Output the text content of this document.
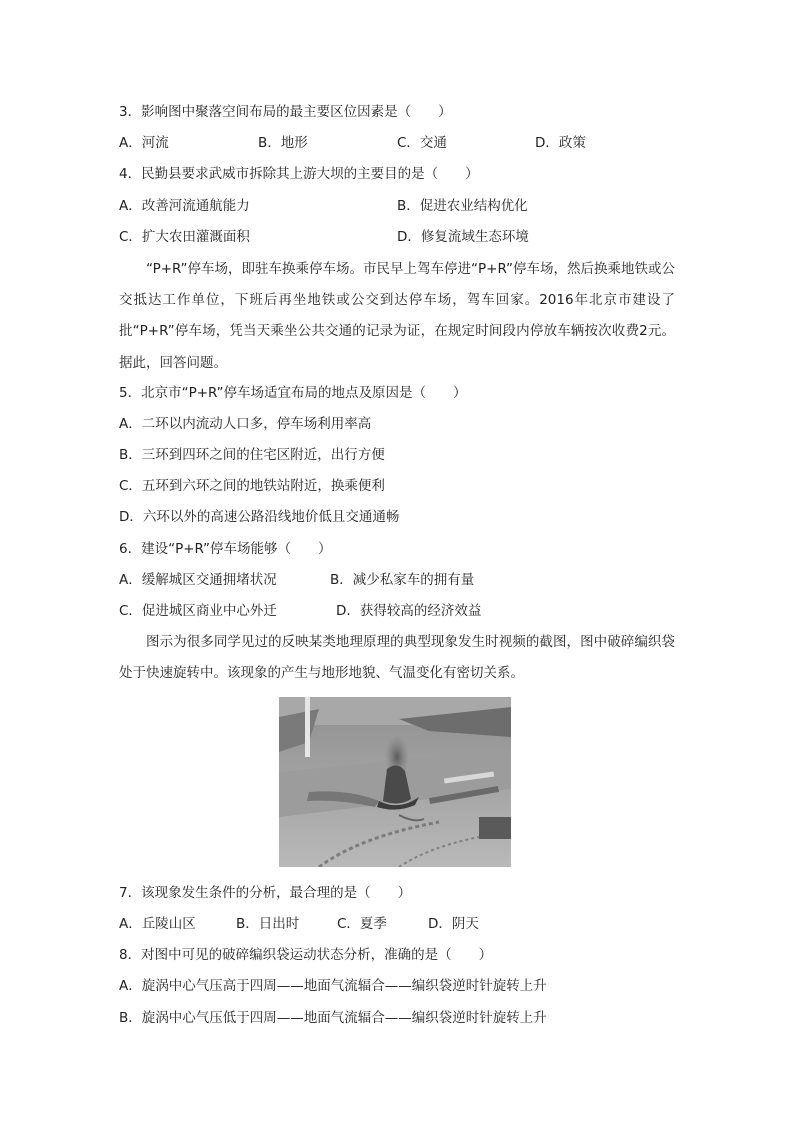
3．影响图中聚落空间布局的最主要区位因素是（　　）
A．河流	B．地形	C．交通	D．政策
4．民勤县要求武威市拆除其上游大坝的主要目的是（　　）
A．改善河流通航能力	B．促进农业结构优化
C．扩大农田灌溉面积	D．修复流域生态环境
“P+R”停车场，即驻车换乘停车场。市民早上驾车停进“P+R”停车场，然后换乘地铁或公交抵达工作单位，下班后再坐地铁或公交到达停车场，驾车回家。2016年北京市建设了批“P+R”停车场，凭当天乘坐公共交通的记录为证，在规定时间段内停放车辆按次收费2元。据此，回答问题。
5．北京市“P+R”停车场适宜布局的地点及原因是（　　）
A．二环以内流动人口多，停车场利用率高
B．三环到四环之间的住宅区附近，出行方便
C．五环到六环之间的地铁站附近，换乘便利
D．六环以外的高速公路沿线地价低且交通通畅
6．建设“P+R”停车场能够（　　）
A．缓解城区交通拥堵状况	B．减少私家车的拥有量
C．促进城区商业中心外迁	D．获得较高的经济效益
图示为很多同学见过的反映某类地理原理的典型现象发生时视频的截图，图中破碎编织袋处于快速旋转中。该现象的产生与地形地貌、气温变化有密切关系。
7．该现象发生条件的分析，最合理的是（　　）
A．丘陵山区	B．日出时	C．夏季	D．阴天
8．对图中可见的破碎编织袋运动状态分析，准确的是（　　）
A．旋涡中心气压高于四周——地面气流辐合——编织袋逆时针旋转上升
B．旋涡中心气压低于四周——地面气流辐合——编织袋逆时针旋转上升
